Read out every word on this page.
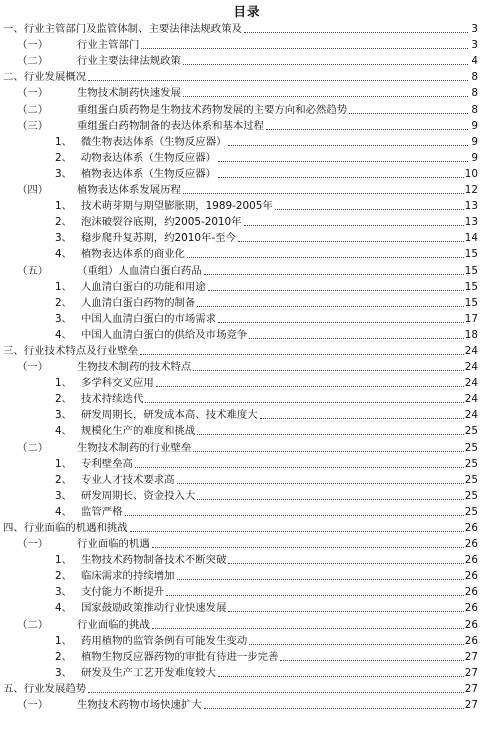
目录
一、 行业主管部门及监管体制、主要法律法规政策及	3
（一）	行业主管部门	3
（二）	行业主要法律法规政策	4
二、 行业发展概况	8
（一）	生物技术制药快速发展	8
（二）	重组蛋白质药物是生物技术药物发展的主要方向和必然趋势	8
（三）	重组蛋白药物制备的表达体系和基本过程	9
1、 微生物表达体系（生物反应器）	9
2、 动物表达体系（生物反应器）	9
3、 植物表达体系（生物反应器）	10
（四）	植物表达体系发展历程	12
1、 技术萌芽期与期望膨胀期，1989-2005年	13
2、 泡沫破裂谷底期，约2005-2010年	13
3、 稳步爬升复苏期，约2010年-至今	14
4、 植物表达体系的商业化	15
（五）	（重组）人血清白蛋白药品	15
1、 人血清白蛋白的功能和用途	15
2、 人血清白蛋白药物的制备	15
3、 中国人血清白蛋白的市场需求	17
4、 中国人血清白蛋白的供给及市场竞争	18
三、 行业技术特点及行业壁垒	24
（一）	生物技术制药的技术特点	24
1、 多学科交叉应用	24
2、 技术持续迭代	24
3、 研发周期长，研发成本高、技术难度大	24
4、 规模化生产的难度和挑战	25
（二）	生物技术制药的行业壁垒	25
1、 专利壁垒高	25
2、 专业人才技术要求高	25
3、 研发周期长、资金投入大	25
4、 监管严格	25
四、 行业面临的机遇和挑战	26
（一）	行业面临的机遇	26
1、 生物技术药物制备技术不断突破	26
2、 临床需求的持续增加	26
3、 支付能力不断提升	26
4、 国家鼓励政策推动行业快速发展	26
（二）	行业面临的挑战	26
1、 药用植物的监管条例有可能发生变动	26
2、 植物生物反应器药物的审批有待进一步完善	27
3、 研发及生产工艺开发难度较大	27
五、 行业发展趋势	27
（一）	生物技术药物市场快速扩大	27
